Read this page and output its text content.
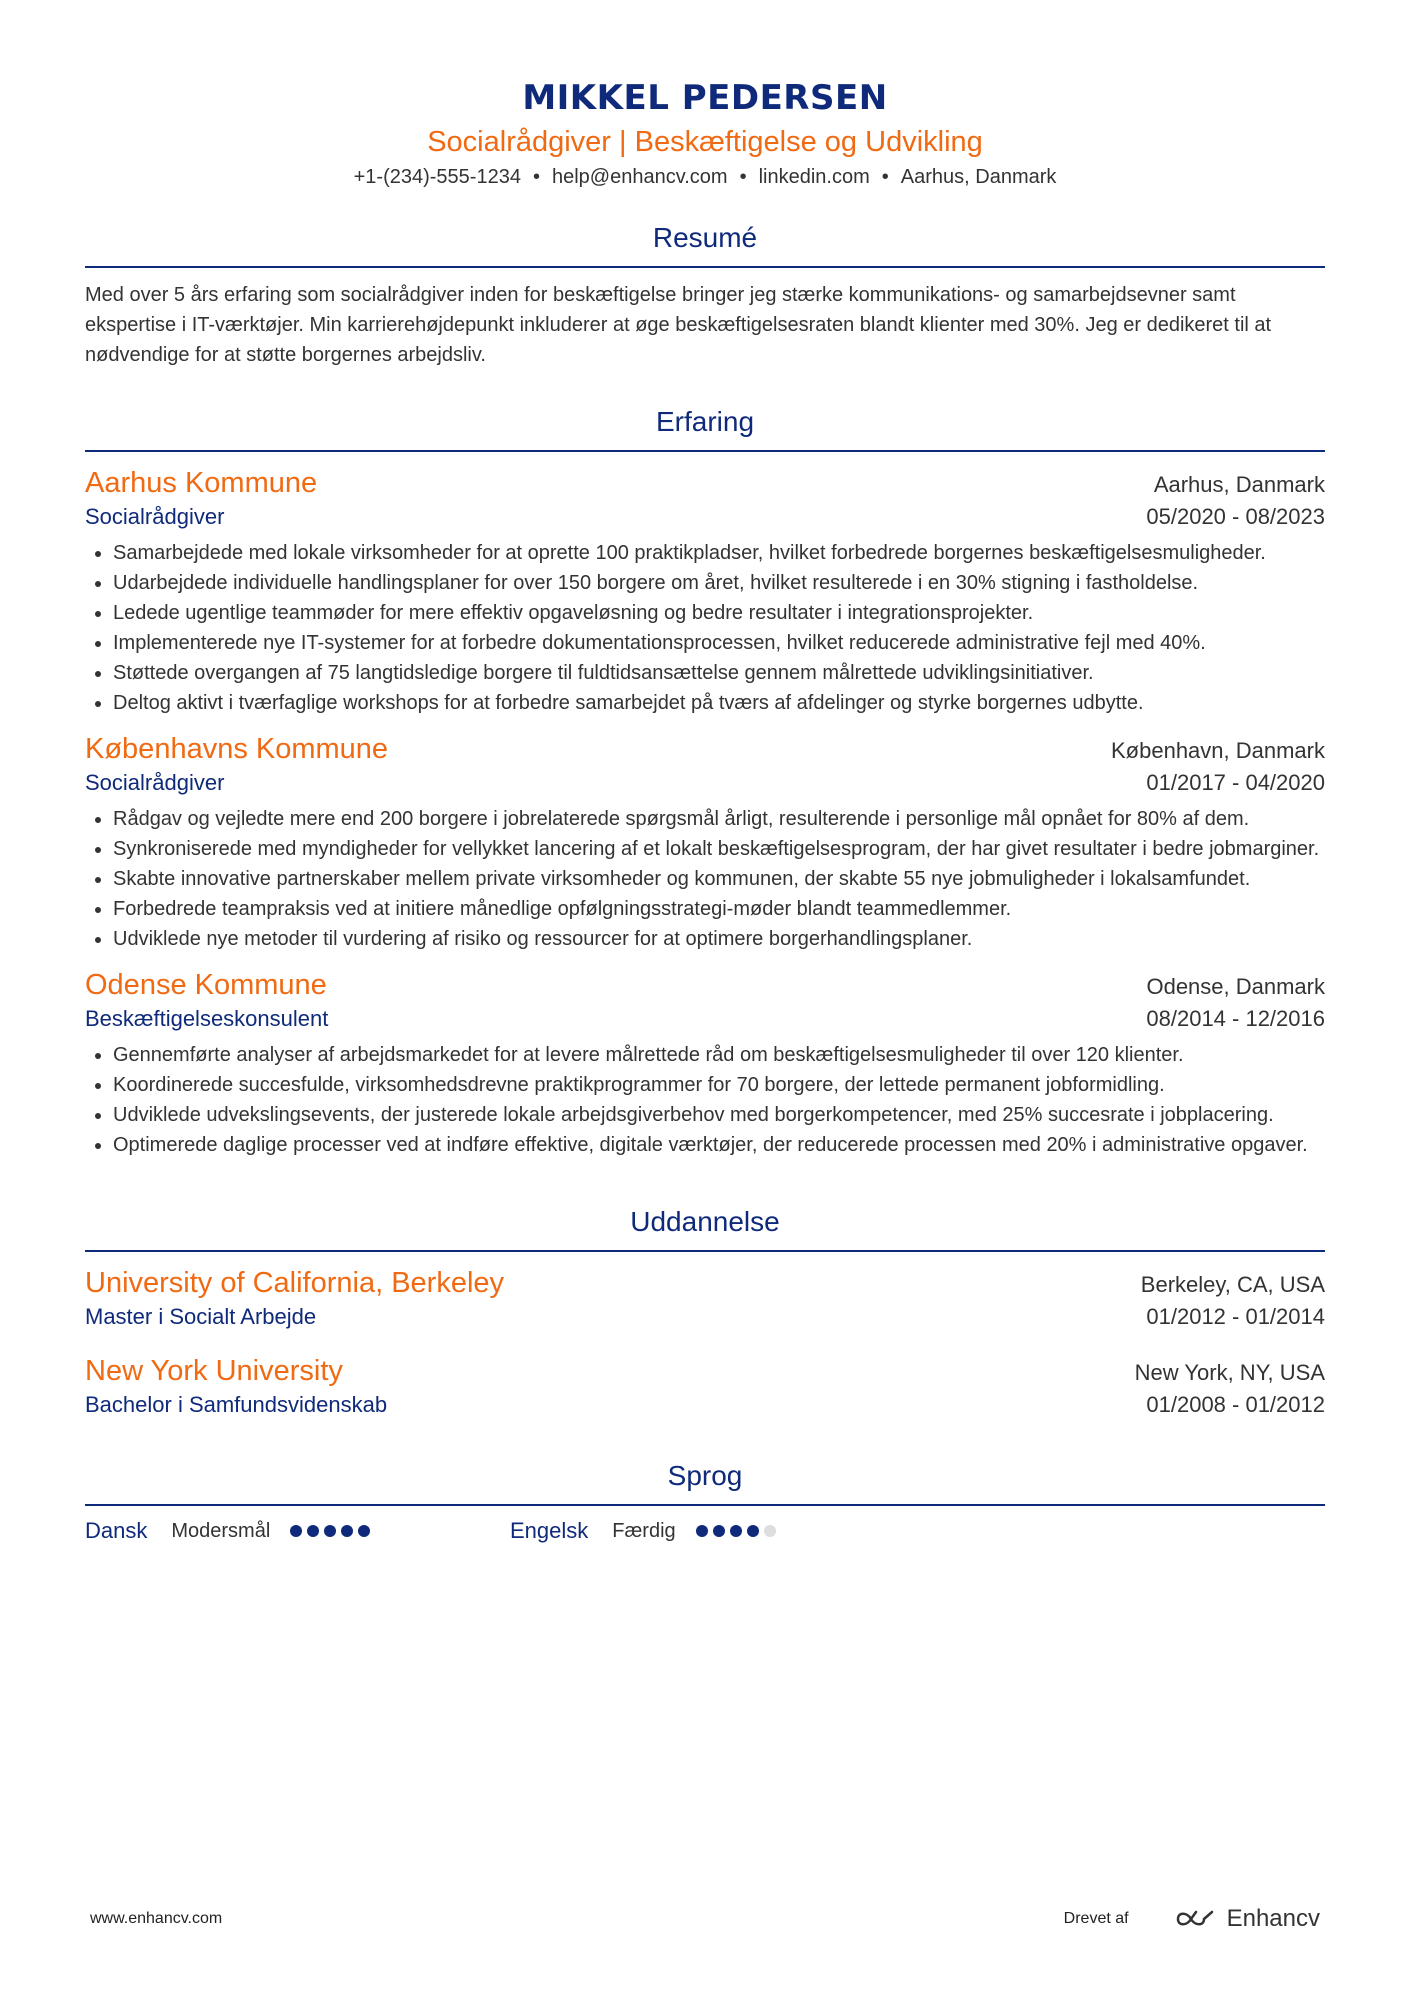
MIKKEL PEDERSEN
Socialrådgiver | Beskæftigelse og Udvikling
+1-(234)-555-1234 • help@enhancv.com • linkedin.com • Aarhus, Danmark
Resumé
Med over 5 års erfaring som socialrådgiver inden for beskæftigelse bringer jeg stærke kommunikations- og samarbejdsevner samt ekspertise i IT-værktøjer. Min karrierehøjdepunkt inkluderer at øge beskæftigelsesraten blandt klienter med 30%. Jeg er dedikeret til at nødvendige for at støtte borgernes arbejdsliv.
Erfaring
Aarhus Kommune	Aarhus, Danmark
Socialrådgiver	05/2020 - 08/2023
• Samarbejdede med lokale virksomheder for at oprette 100 praktikpladser, hvilket forbedrede borgernes beskæftigelsesmuligheder.
• Udarbejdede individuelle handlingsplaner for over 150 borgere om året, hvilket resulterede i en 30% stigning i fastholdelse.
• Ledede ugentlige teammøder for mere effektiv opgaveløsning og bedre resultater i integrationsprojekter.
• Implementerede nye IT-systemer for at forbedre dokumentationsprocessen, hvilket reducerede administrative fejl med 40%.
• Støttede overgangen af 75 langtidsledige borgere til fuldtidsansættelse gennem målrettede udviklingsinitiativer.
• Deltog aktivt i tværfaglige workshops for at forbedre samarbejdet på tværs af afdelinger og styrke borgernes udbytte.
Københavns Kommune	København, Danmark
Socialrådgiver	01/2017 - 04/2020
• Rådgav og vejledte mere end 200 borgere i jobrelaterede spørgsmål årligt, resulterende i personlige mål opnået for 80% af dem.
• Synkroniserede med myndigheder for vellykket lancering af et lokalt beskæftigelsesprogram, der har givet resultater i bedre jobmarginer.
• Skabte innovative partnerskaber mellem private virksomheder og kommunen, der skabte 55 nye jobmuligheder i lokalsamfundet.
• Forbedrede teampraksis ved at initiere månedlige opfølgningsstrategi-møder blandt teammedlemmer.
• Udviklede nye metoder til vurdering af risiko og ressourcer for at optimere borgerhandlingsplaner.
Odense Kommune	Odense, Danmark
Beskæftigelseskonsulent	08/2014 - 12/2016
• Gennemførte analyser af arbejdsmarkedet for at levere målrettede råd om beskæftigelsesmuligheder til over 120 klienter.
• Koordinerede succesfulde, virksomhedsdrevne praktikprogrammer for 70 borgere, der lettede permanent jobformidling.
• Udviklede udvekslingsevents, der justerede lokale arbejdsgiverbehov med borgerkompetencer, med 25% succesrate i jobplacering.
• Optimerede daglige processer ved at indføre effektive, digitale værktøjer, der reducerede processen med 20% i administrative opgaver.
Uddannelse
University of California, Berkeley	Berkeley, CA, USA
Master i Socialt Arbejde	01/2012 - 01/2014
New York University	New York, NY, USA
Bachelor i Samfundsvidenskab	01/2008 - 01/2012
Sprog
Dansk Modersmål	Engelsk Færdig
www.enhancv.com	Drevet af	Enhancv
